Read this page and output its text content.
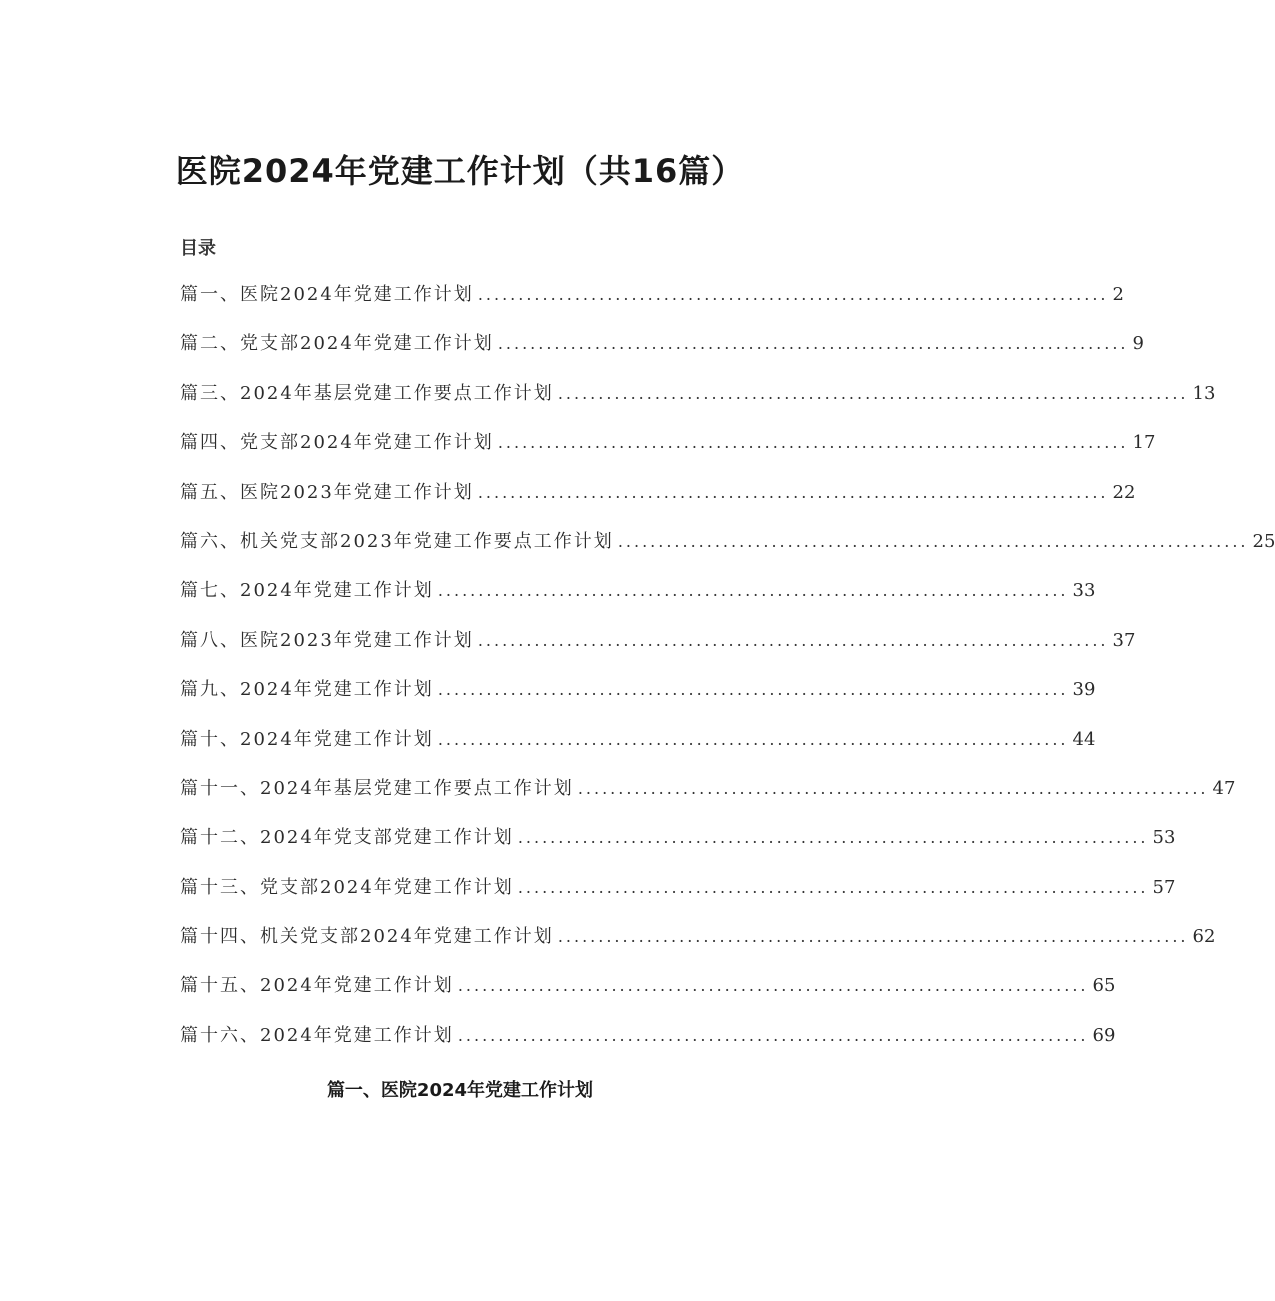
医院2024年党建工作计划（共16篇）
目录
篇一、医院2024年党建工作计划 .............................................................................. 2
篇二、党支部2024年党建工作计划 .............................................................................. 9
篇三、2024年基层党建工作要点工作计划 .............................................................................. 13
篇四、党支部2024年党建工作计划 .............................................................................. 17
篇五、医院2023年党建工作计划 .............................................................................. 22
篇六、机关党支部2023年党建工作要点工作计划 .............................................................................. 25
篇七、2024年党建工作计划 .............................................................................. 33
篇八、医院2023年党建工作计划 .............................................................................. 37
篇九、2024年党建工作计划 .............................................................................. 39
篇十、2024年党建工作计划 .............................................................................. 44
篇十一、2024年基层党建工作要点工作计划 .............................................................................. 47
篇十二、2024年党支部党建工作计划 .............................................................................. 53
篇十三、党支部2024年党建工作计划 .............................................................................. 57
篇十四、机关党支部2024年党建工作计划 .............................................................................. 62
篇十五、2024年党建工作计划 .............................................................................. 65
篇十六、2024年党建工作计划 .............................................................................. 69
篇一、医院2024年党建工作计划
